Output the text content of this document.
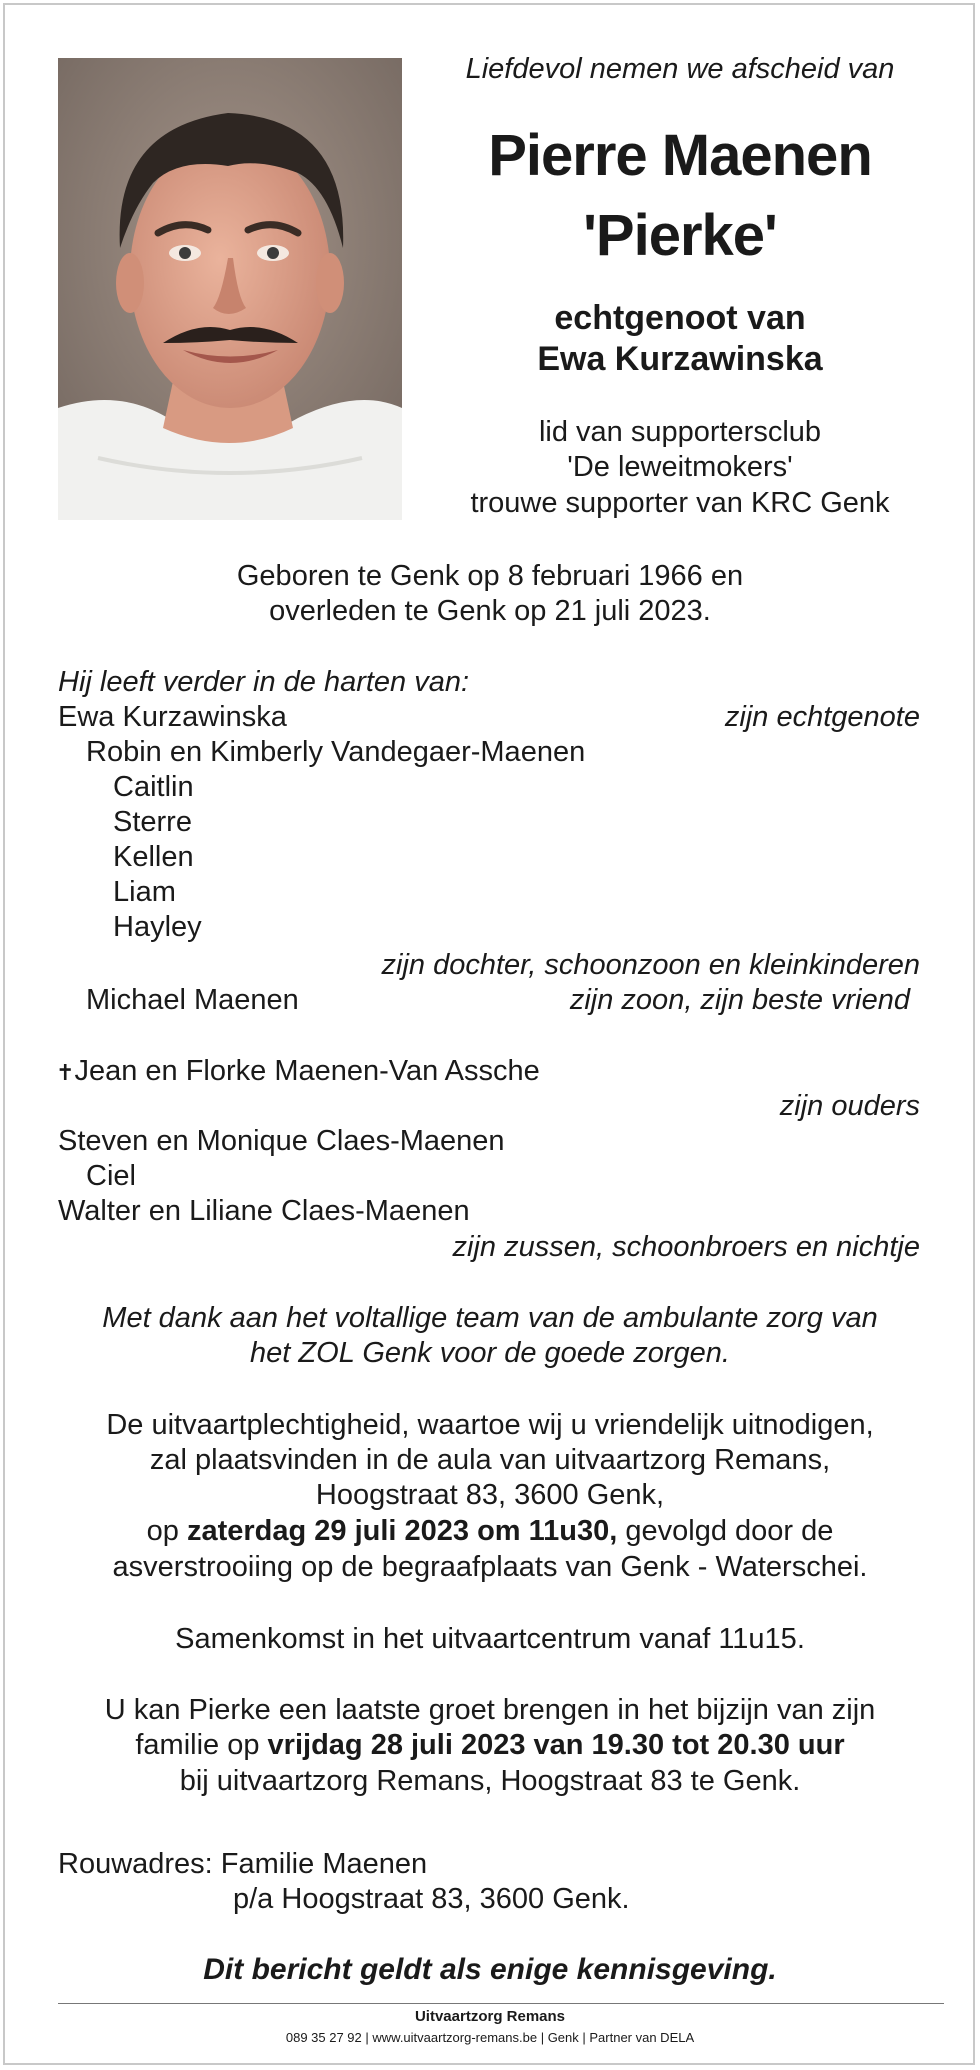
Liefdevol nemen we afscheid van
Pierre Maenen
'Pierke'
echtgenoot van
Ewa Kurzawinska
lid van supportersclub
'De leweitmokers'
trouwe supporter van KRC Genk
Geboren te Genk op 8 februari 1966 en
overleden te Genk op 21 juli 2023.
Hij leeft verder in de harten van:
Ewa Kurzawinska	zijn echtgenote
Robin en Kimberly Vandegaer-Maenen
Caitlin
Sterre
Kellen
Liam
Hayley
zijn dochter, schoonzoon en kleinkinderen
Michael Maenen	zijn zoon, zijn beste vriend
✝Jean en Florke Maenen-Van Assche
zijn ouders
Steven en Monique Claes-Maenen
Ciel
Walter en Liliane Claes-Maenen
zijn zussen, schoonbroers en nichtje
Met dank aan het voltallige team van de ambulante zorg van
het ZOL Genk voor de goede zorgen.
De uitvaartplechtigheid, waartoe wij u vriendelijk uitnodigen,
zal plaatsvinden in de aula van uitvaartzorg Remans,
Hoogstraat 83, 3600 Genk,
op zaterdag 29 juli 2023 om 11u30, gevolgd door de
asverstrooiing op de begraafplaats van Genk - Waterschei.
Samenkomst in het uitvaartcentrum vanaf 11u15.
U kan Pierke een laatste groet brengen in het bijzijn van zijn
familie op vrijdag 28 juli 2023 van 19.30 tot 20.30 uur
bij uitvaartzorg Remans, Hoogstraat 83 te Genk.
Rouwadres: Familie Maenen
p/a Hoogstraat 83, 3600 Genk.
Dit bericht geldt als enige kennisgeving.
Uitvaartzorg Remans
089 35 27 92 | www.uitvaartzorg-remans.be | Genk | Partner van DELA
